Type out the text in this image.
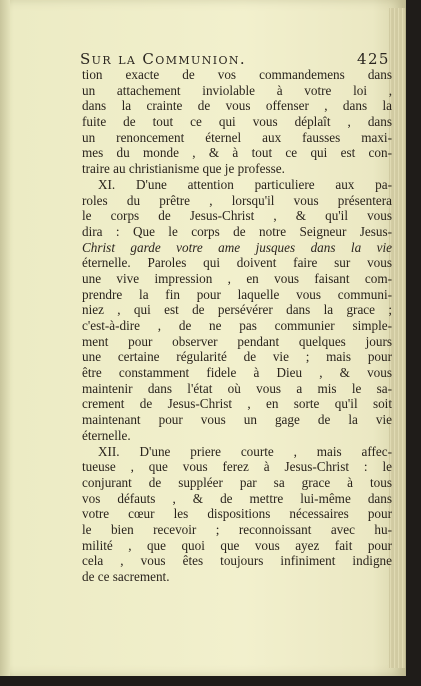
Sur la Communion.	425
tion exacte de vos commandemens dans
un attachement inviolable à votre loi ,
dans la crainte de vous offenser , dans la
fuite de tout ce qui vous déplaît , dans
un renoncement éternel aux fausses maxi-
mes du monde , & à tout ce qui est con-
traire au christianisme que je professe.
XI. D'une attention particuliere aux pa-
roles du prêtre , lorsqu'il vous présentera
le corps de Jesus-Christ , & qu'il vous
dira : Que le corps de notre Seigneur Jesus-
Christ garde votre ame jusques dans la vie
éternelle. Paroles qui doivent faire sur vous
une vive impression , en vous faisant com-
prendre la fin pour laquelle vous communi-
niez , qui est de persévérer dans la grace ;
c'est-à-dire , de ne pas communier simple-
ment pour observer pendant quelques jours
une certaine régularité de vie ; mais pour
être constamment fidele à Dieu , & vous
maintenir dans l'état où vous a mis le sa-
crement de Jesus-Christ , en sorte qu'il soit
maintenant pour vous un gage de la vie
éternelle.
XII. D'une priere courte , mais affec-
tueuse , que vous ferez à Jesus-Christ : le
conjurant de suppléer par sa grace à tous
vos défauts , & de mettre lui-même dans
votre cœur les dispositions nécessaires pour
le bien recevoir ; reconnoissant avec hu-
milité , que quoi que vous ayez fait pour
cela , vous êtes toujours infiniment indigne
de ce sacrement.
